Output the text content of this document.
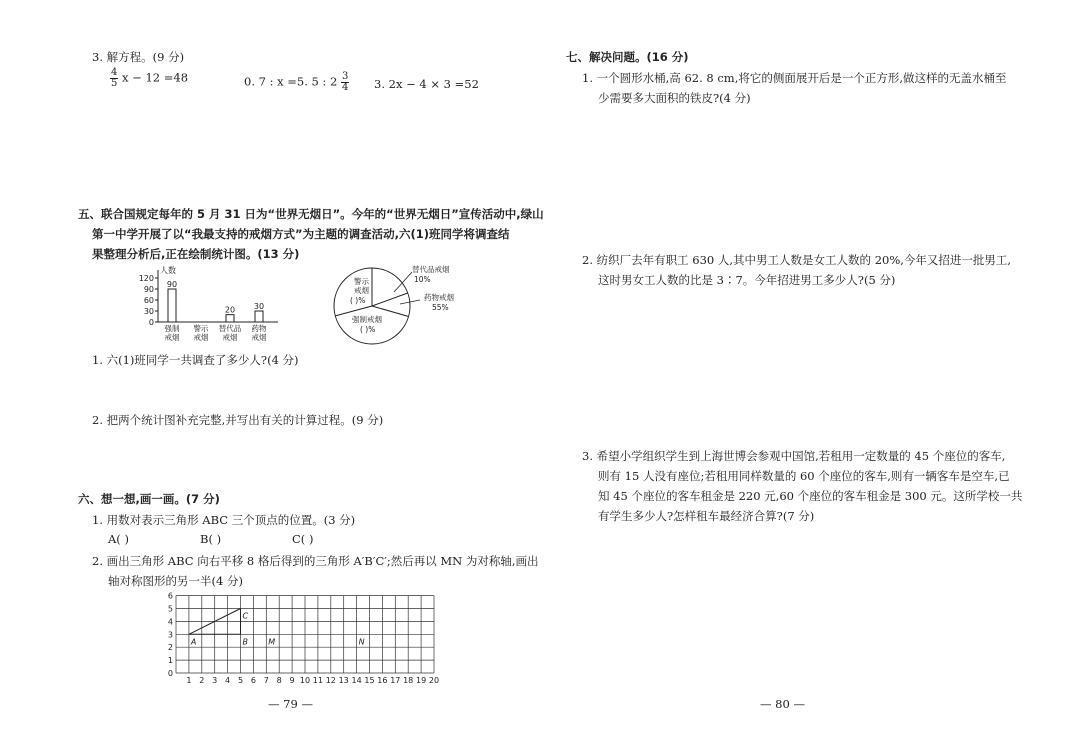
3. 解方程。(9 分)
$\frac{4}{5}$ x − 12 =48	0. 7 : x =5. 5 : $2 \frac{3}{4} 3$. 2x − 4 × 3 =52
五、联合国规定每年的 5 月 31 日为“世界无烟日”。今年的“世界无烟日”宣传活动中,绿山
第一中学开展了以“我最支持的戒烟方式”为主题的调查活动,六(1)班同学将调查结
果整理分析后,正在绘制统计图。(13 分)
人数
0
30
60
90
120
90
强制
戒烟
警示
戒烟
20
替代品
戒烟
30
药物
戒烟
警示
戒烟
( )%
强制戒烟
( )%
替代品戒烟
10%
药物戒烟
55%
1. 六(1)班同学一共调查了多少人?(4 分)
2. 把两个统计图补充完整,并写出有关的计算过程。(9 分)
六、想一想,画一画。(7 分)
1. 用数对表示三角形 ABC 三个顶点的位置。(3 分)
A( )	B( )	C( )
2. 画出三角形 ABC 向右平移 8 格后得到的三角形 A′B′C′;然后再以 MN 为对称轴,画出
轴对称图形的另一半(4 分)
1 2 3 4 5 6 7 8 9 10 11 12 13 14 15 16 17 18 19 20
0
1
2
3
4
5
6
A	B
C
M	N
— 79 —
七、解决问题。(16 分)
1. 一个圆形水桶,高 62. 8 cm,将它的侧面展开后是一个正方形,做这样的无盖水桶至
少需要多大面积的铁皮?(4 分)
2. 纺织厂去年有职工 630 人,其中男工人数是女工人数的 20%,今年又招进一批男工,
这时男女工人数的比是 3∶7。今年招进男工多少人?(5 分)
3. 希望小学组织学生到上海世博会参观中国馆,若租用一定数量的 45 个座位的客车,
则有 15 人没有座位;若租用同样数量的 60 个座位的客车,则有一辆客车是空车,已
知 45 个座位的客车租金是 220 元,60 个座位的客车租金是 300 元。这所学校一共
有学生多少人?怎样租车最经济合算?(7 分)
— 80 —
